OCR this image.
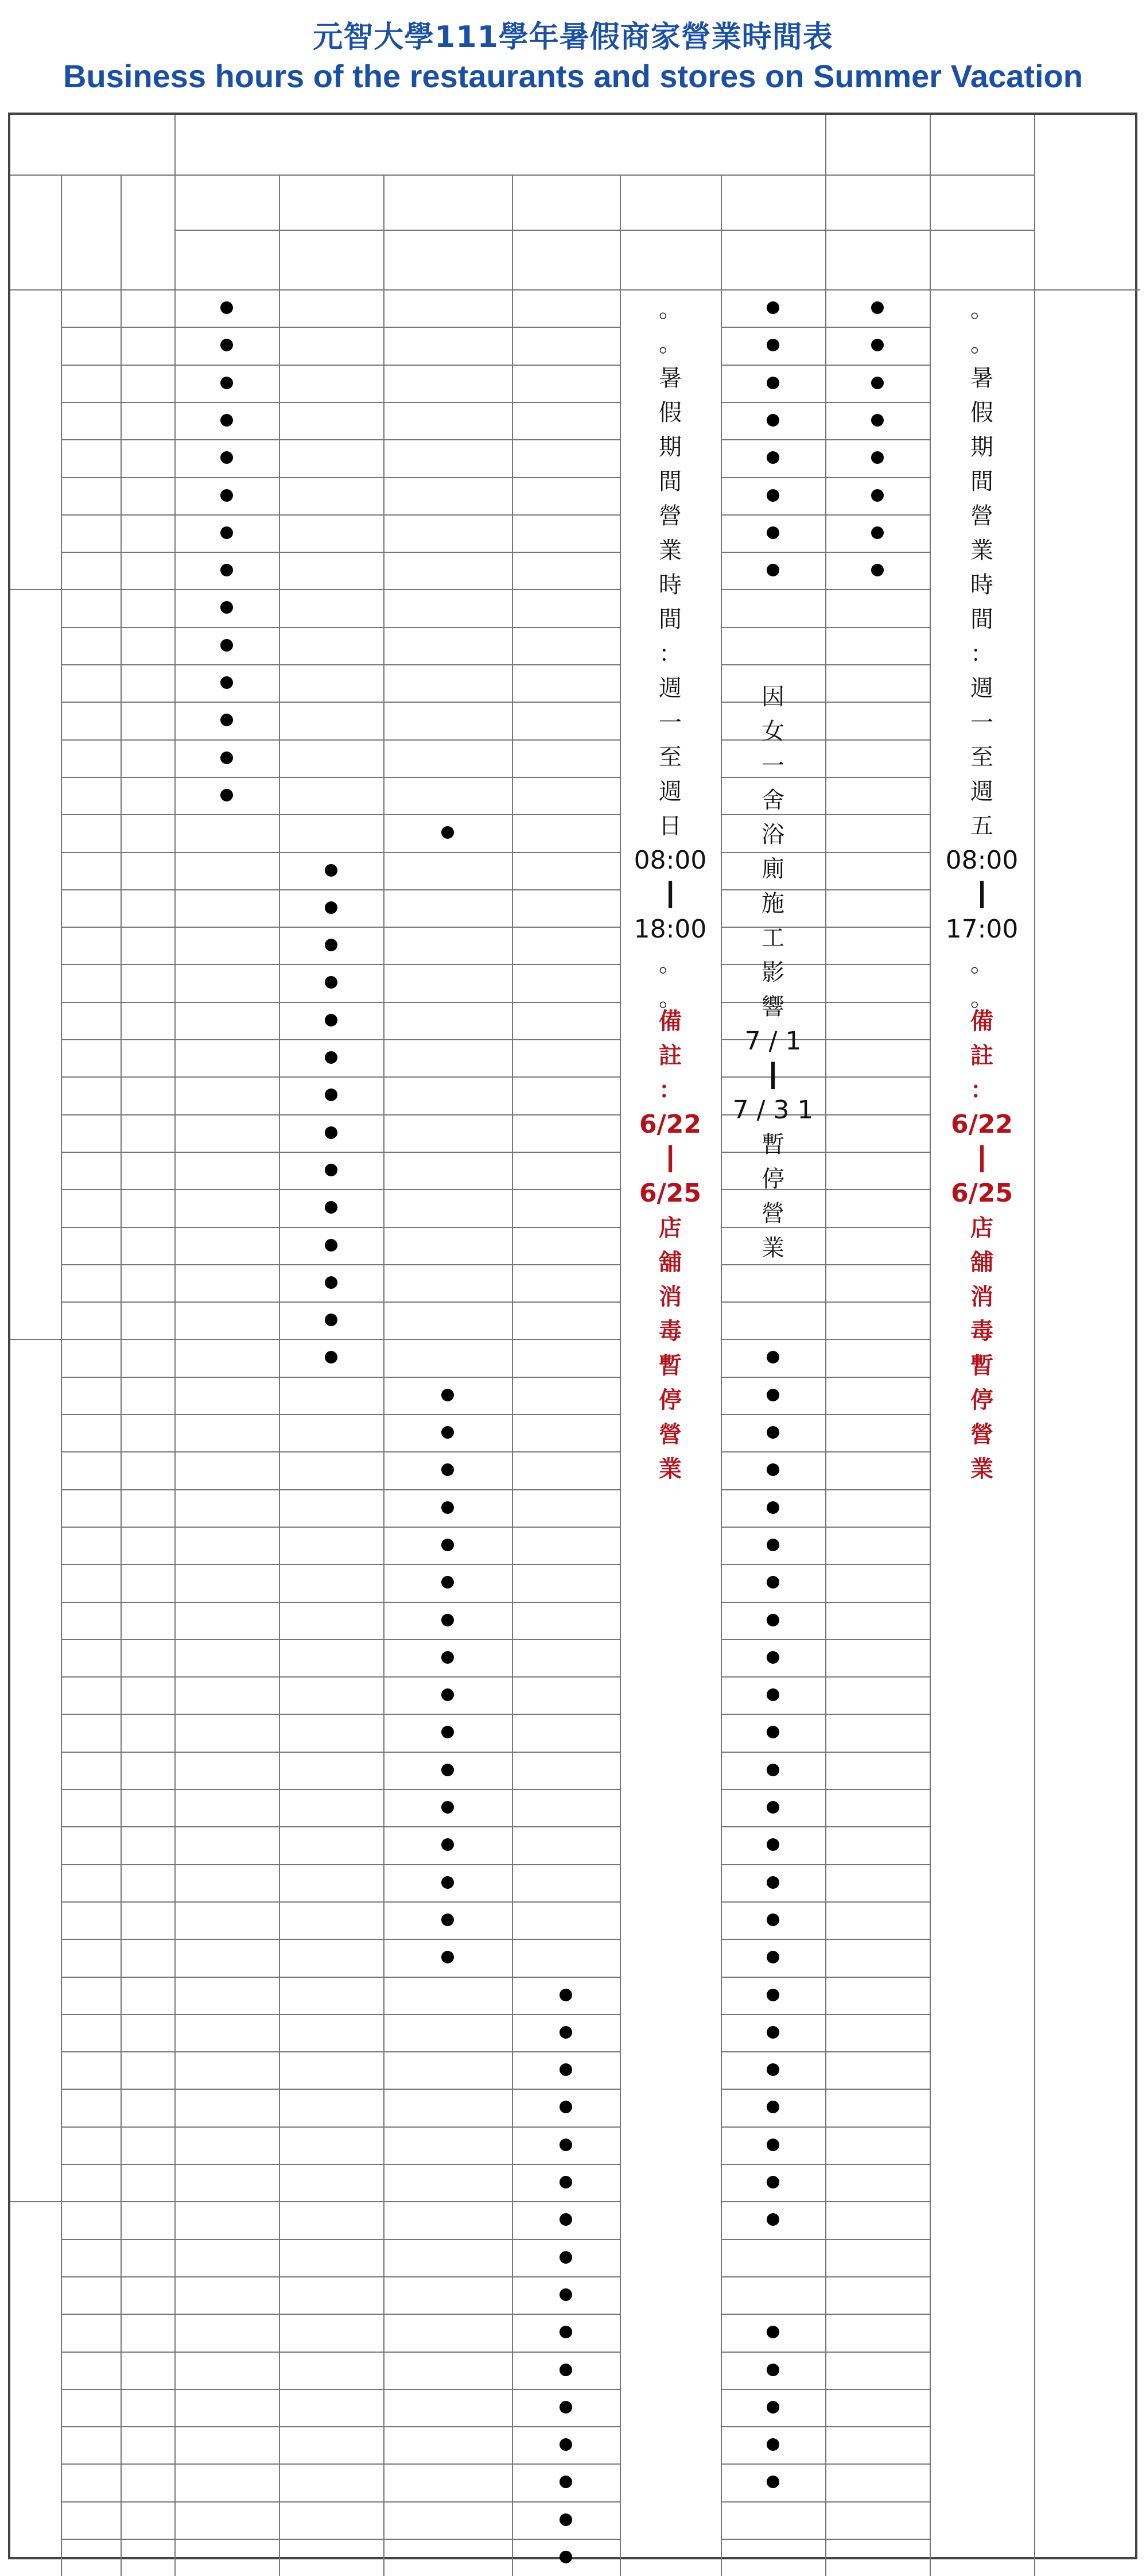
元智大學111學年暑假商家營業時間表
Business hours of the restaurants and stores on Summer Vacation
。
。
暑
假
期
間
營
業
時
間
：
週
一
至
週
日
08:00
┃
18:00
。
。
備
註
：
6/22
┃
6/25
店
舖
消
毒
暫
停
營
業
因
女
一
舍
浴
廁
施
工
影
響
7 / 1
┃
7 / 3 1
暫
停
營
業
。
。
暑
假
期
間
營
業
時
間
：
週
一
至
週
五
08:00
┃
17:00
。
。
備
註
：
6/22
┃
6/25
店
舖
消
毒
暫
停
營
業
